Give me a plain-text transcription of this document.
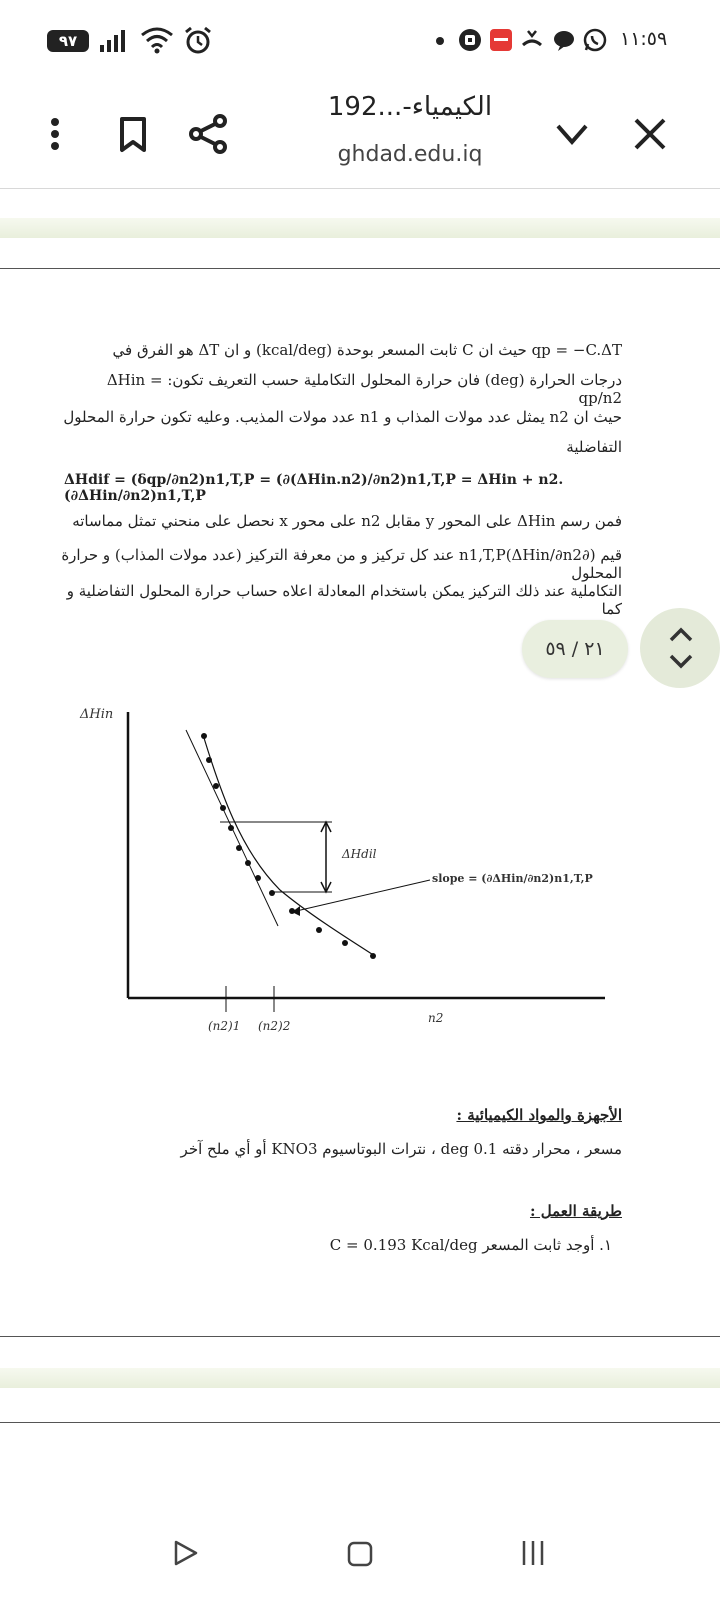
٩٧	١١:٥٩
الكيمياء-...192
ghdad.edu.iq
qp = −C.ΔT حيث ان C ثابت المسعر بوحدة (kcal/deg) و ان ΔT هو الفرق في
درجات الحرارة (deg) فان حرارة المحلول التكاملية حسب التعريف تكون: ΔHin = qp/n2
حيث ان n2 يمثل عدد مولات المذاب و n1 عدد مولات المذيب. وعليه تكون حرارة المحلول
التفاضلية
ΔHdif = (δqp/∂n2)n1,T,P = (∂(ΔHin.n2)/∂n2)n1,T,P = ΔHin + n2.(∂ΔHin/∂n2)n1,T,P
فمن رسم ΔHin على المحور y مقابل n2 على محور x نحصل على منحني تمثل مماساته
قيم (∂ΔHin/∂n2)n1,T,P عند كل تركيز و من معرفة التركيز (عدد مولات المذاب) و حرارة المحلول
التكاملية عند ذلك التركيز يمكن باستخدام المعادلة اعلاه حساب حرارة المحلول التفاضلية و كما
٢١ / ٥٩
ΔHin
ΔHdil
slope = (∂ΔHin/∂n2)n1,T,P
(n2)1 (n2)2
n2
الأجهزة والمواد الكيميائية :
مسعر ، محرار دقته 0.1 deg ، نترات البوتاسيوم KNO3 أو أي ملح آخر
طريقة العمل :
١. أوجد ثابت المسعر C = 0.193 Kcal/deg
